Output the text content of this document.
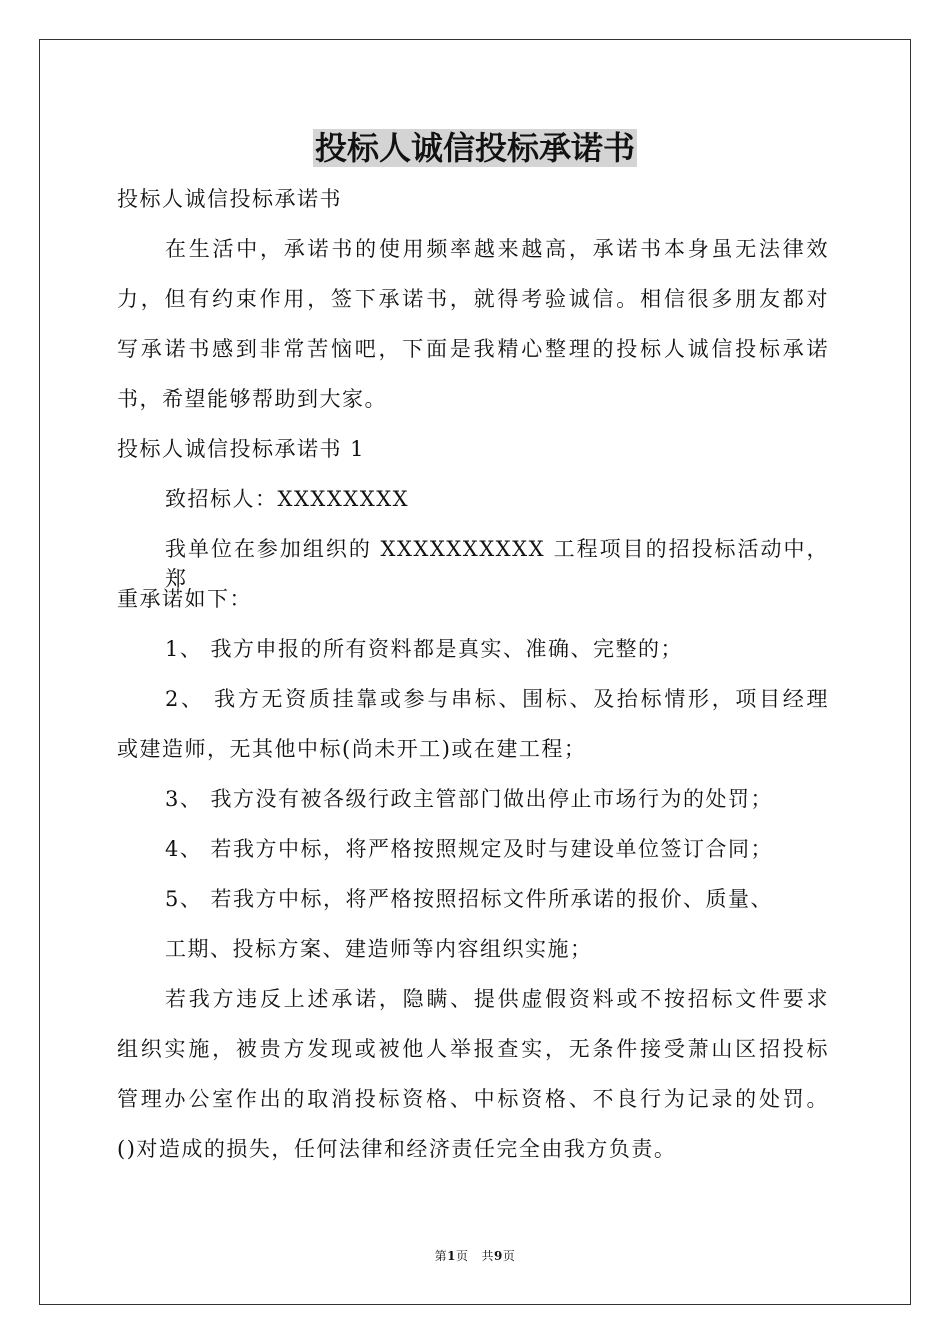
投标人诚信投标承诺书
投标人诚信投标承诺书
在生活中，承诺书的使用频率越来越高，承诺书本身虽无法律效
力，但有约束作用，签下承诺书，就得考验诚信。相信很多朋友都对
写承诺书感到非常苦恼吧，下面是我精心整理的投标人诚信投标承诺
书，希望能够帮助到大家。
投标人诚信投标承诺书 1
致招标人：XXXXXXXX
我单位在参加组织的 XXXXXXXXXX 工程项目的招投标活动中，郑
重承诺如下：
1、 我方申报的所有资料都是真实、准确、完整的；
2、 我方无资质挂靠或参与串标、围标、及抬标情形，项目经理
或建造师，无其他中标(尚未开工)或在建工程；
3、 我方没有被各级行政主管部门做出停止市场行为的处罚；
4、 若我方中标，将严格按照规定及时与建设单位签订合同；
5、 若我方中标，将严格按照招标文件所承诺的报价、质量、
工期、投标方案、建造师等内容组织实施；
若我方违反上述承诺，隐瞒、提供虚假资料或不按招标文件要求
组织实施，被贵方发现或被他人举报查实，无条件接受萧山区招投标
管理办公室作出的取消投标资格、中标资格、不良行为记录的处罚。
()对造成的损失，任何法律和经济责任完全由我方负责。
第1页 共9页
